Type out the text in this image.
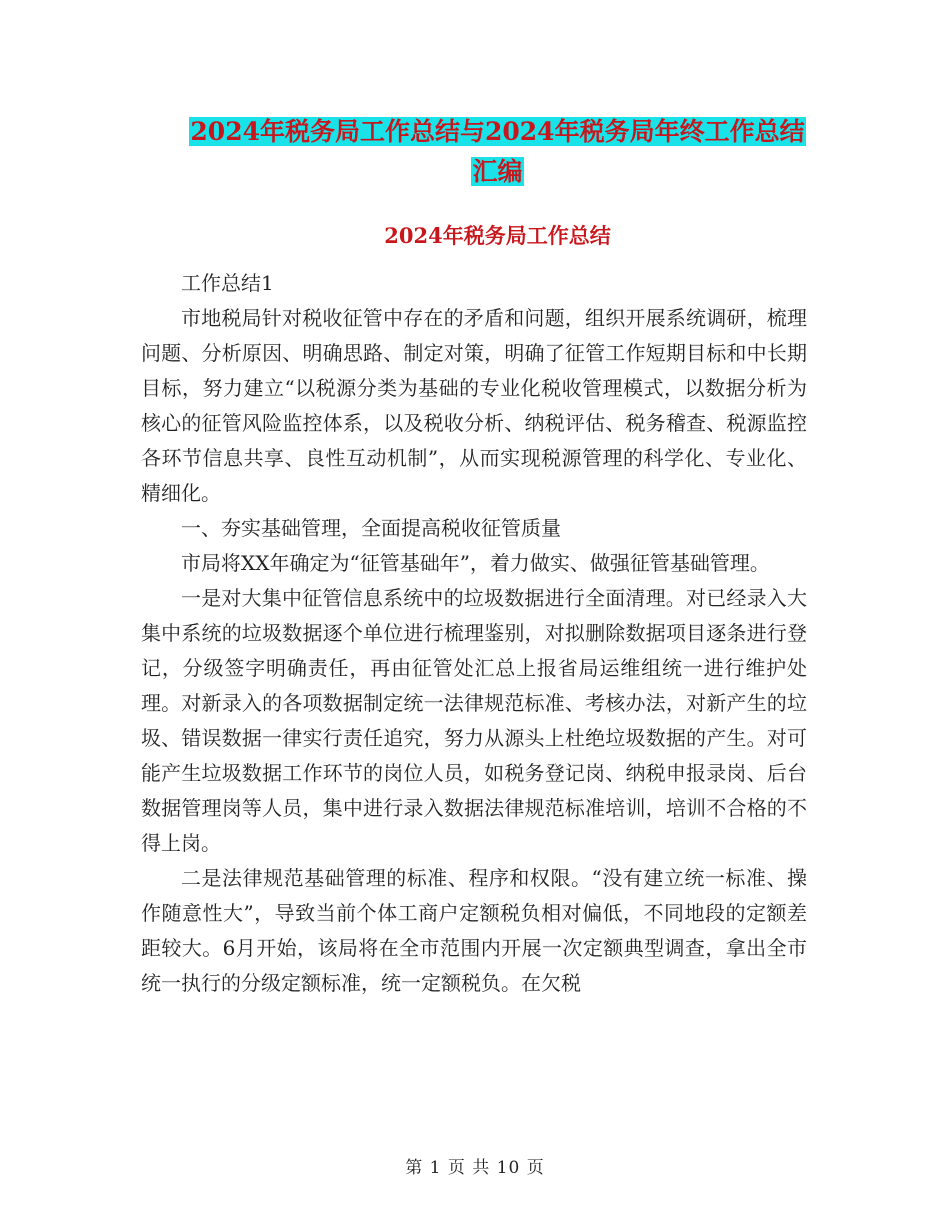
2024年税务局工作总结与2024年税务局年终工作总结
汇编
2024年税务局工作总结

工作总结1

市地税局针对税收征管中存在的矛盾和问题，组织开展系统调研，梳理问题、分析原因、明确思路、制定对策，明确了征管工作短期目标和中长期目标，努力建立“以税源分类为基础的专业化税收管理模式，以数据分析为核心的征管风险监控体系，以及税收分析、纳税评估、税务稽查、税源监控各环节信息共享、良性互动机制”，从而实现税源管理的科学化、专业化、精细化。

一、夯实基础管理，全面提高税收征管质量

市局将XX年确定为“征管基础年”，着力做实、做强征管基础管理。

一是对大集中征管信息系统中的垃圾数据进行全面清理。对已经录入大集中系统的垃圾数据逐个单位进行梳理鉴别，对拟删除数据项目逐条进行登记，分级签字明确责任，再由征管处汇总上报省局运维组统一进行维护处理。对新录入的各项数据制定统一法律规范标准、考核办法，对新产生的垃圾、错误数据一律实行责任追究，努力从源头上杜绝垃圾数据的产生。对可能产生垃圾数据工作环节的岗位人员，如税务登记岗、纳税申报录岗、后台数据管理岗等人员，集中进行录入数据法律规范标准培训，培训不合格的不得上岗。

二是法律规范基础管理的标准、程序和权限。“没有建立统一标准、操作随意性大”，导致当前个体工商户定额税负相对偏低，不同地段的定额差距较大。6月开始，该局将在全市范围内开展一次定额典型调查，拿出全市统一执行的分级定额标准，统一定额税负。在欠税

第 1 页 共 10 页
